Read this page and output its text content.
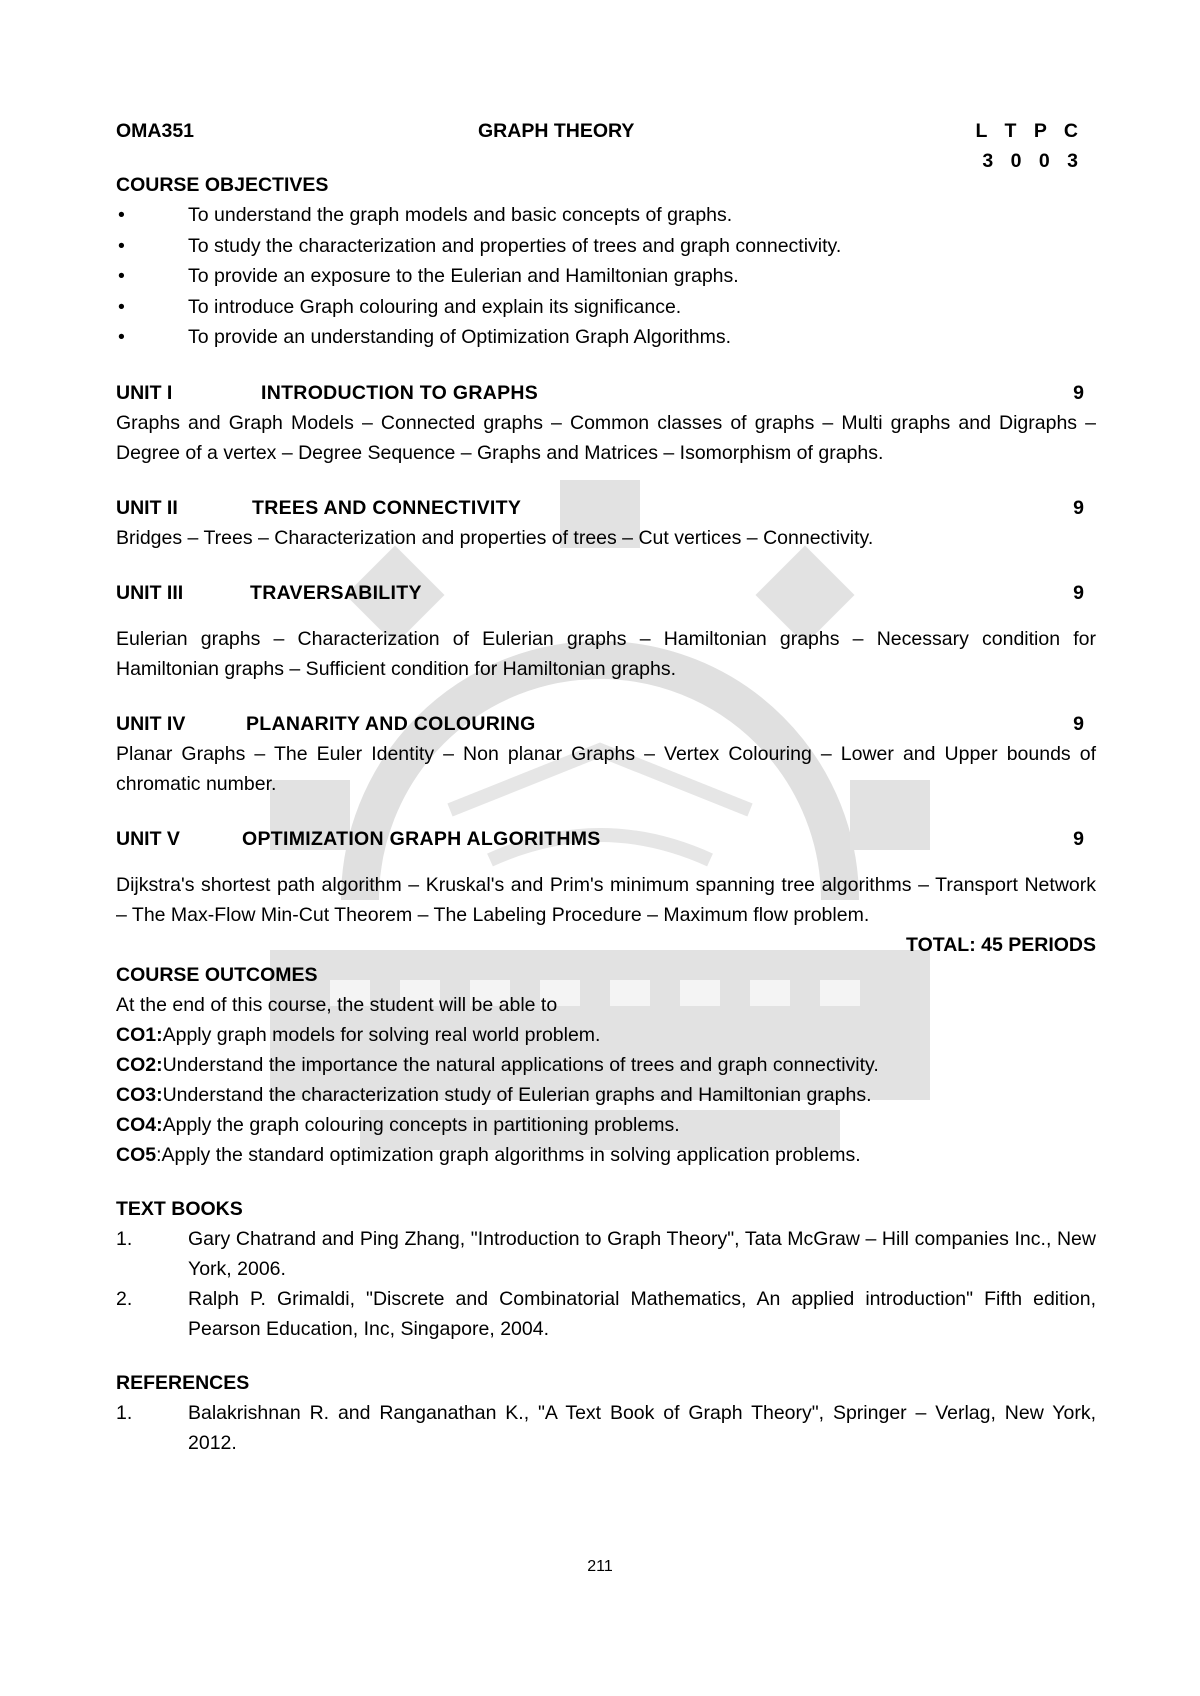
OMA351	GRAPH THEORY	L T P C
3 0 0 3
COURSE OBJECTIVES
•	To understand the graph models and basic concepts of graphs.
•	To study the characterization and properties of trees and graph connectivity.
•	To provide an exposure to the Eulerian and Hamiltonian graphs.
•	To introduce Graph colouring and explain its significance.
•	To provide an understanding of Optimization Graph Algorithms.
UNIT I	INTRODUCTION TO GRAPHS	9
Graphs and Graph Models – Connected graphs – Common classes of graphs – Multi graphs and Digraphs – Degree of a vertex – Degree Sequence – Graphs and Matrices – Isomorphism of graphs.
UNIT II	TREES AND CONNECTIVITY	9
Bridges – Trees – Characterization and properties of trees – Cut vertices – Connectivity.
UNIT III	TRAVERSABILITY	9
Eulerian graphs – Characterization of Eulerian graphs – Hamiltonian graphs – Necessary condition for Hamiltonian graphs – Sufficient condition for Hamiltonian graphs.
UNIT IV	PLANARITY AND COLOURING	9
Planar Graphs – The Euler Identity – Non planar Graphs – Vertex Colouring – Lower and Upper bounds of chromatic number.
UNIT V	OPTIMIZATION GRAPH ALGORITHMS	9
Dijkstra's shortest path algorithm – Kruskal's and Prim's minimum spanning tree algorithms – Transport Network – The Max-Flow Min-Cut Theorem – The Labeling Procedure – Maximum flow problem.
TOTAL: 45 PERIODS
COURSE OUTCOMES
At the end of this course, the student will be able to
CO1:Apply graph models for solving real world problem.
CO2:Understand the importance the natural applications of trees and graph connectivity.
CO3:Understand the characterization study of Eulerian graphs and Hamiltonian graphs.
CO4:Apply the graph colouring concepts in partitioning problems.
CO5:Apply the standard optimization graph algorithms in solving application problems.
TEXT BOOKS
1.	Gary Chatrand and Ping Zhang, "Introduction to Graph Theory", Tata McGraw – Hill companies Inc., New York, 2006.
2.	Ralph P. Grimaldi, "Discrete and Combinatorial Mathematics, An applied introduction" Fifth edition, Pearson Education, Inc, Singapore, 2004.
REFERENCES
1.	Balakrishnan R. and Ranganathan K., "A Text Book of Graph Theory", Springer – Verlag, New York, 2012.
211
